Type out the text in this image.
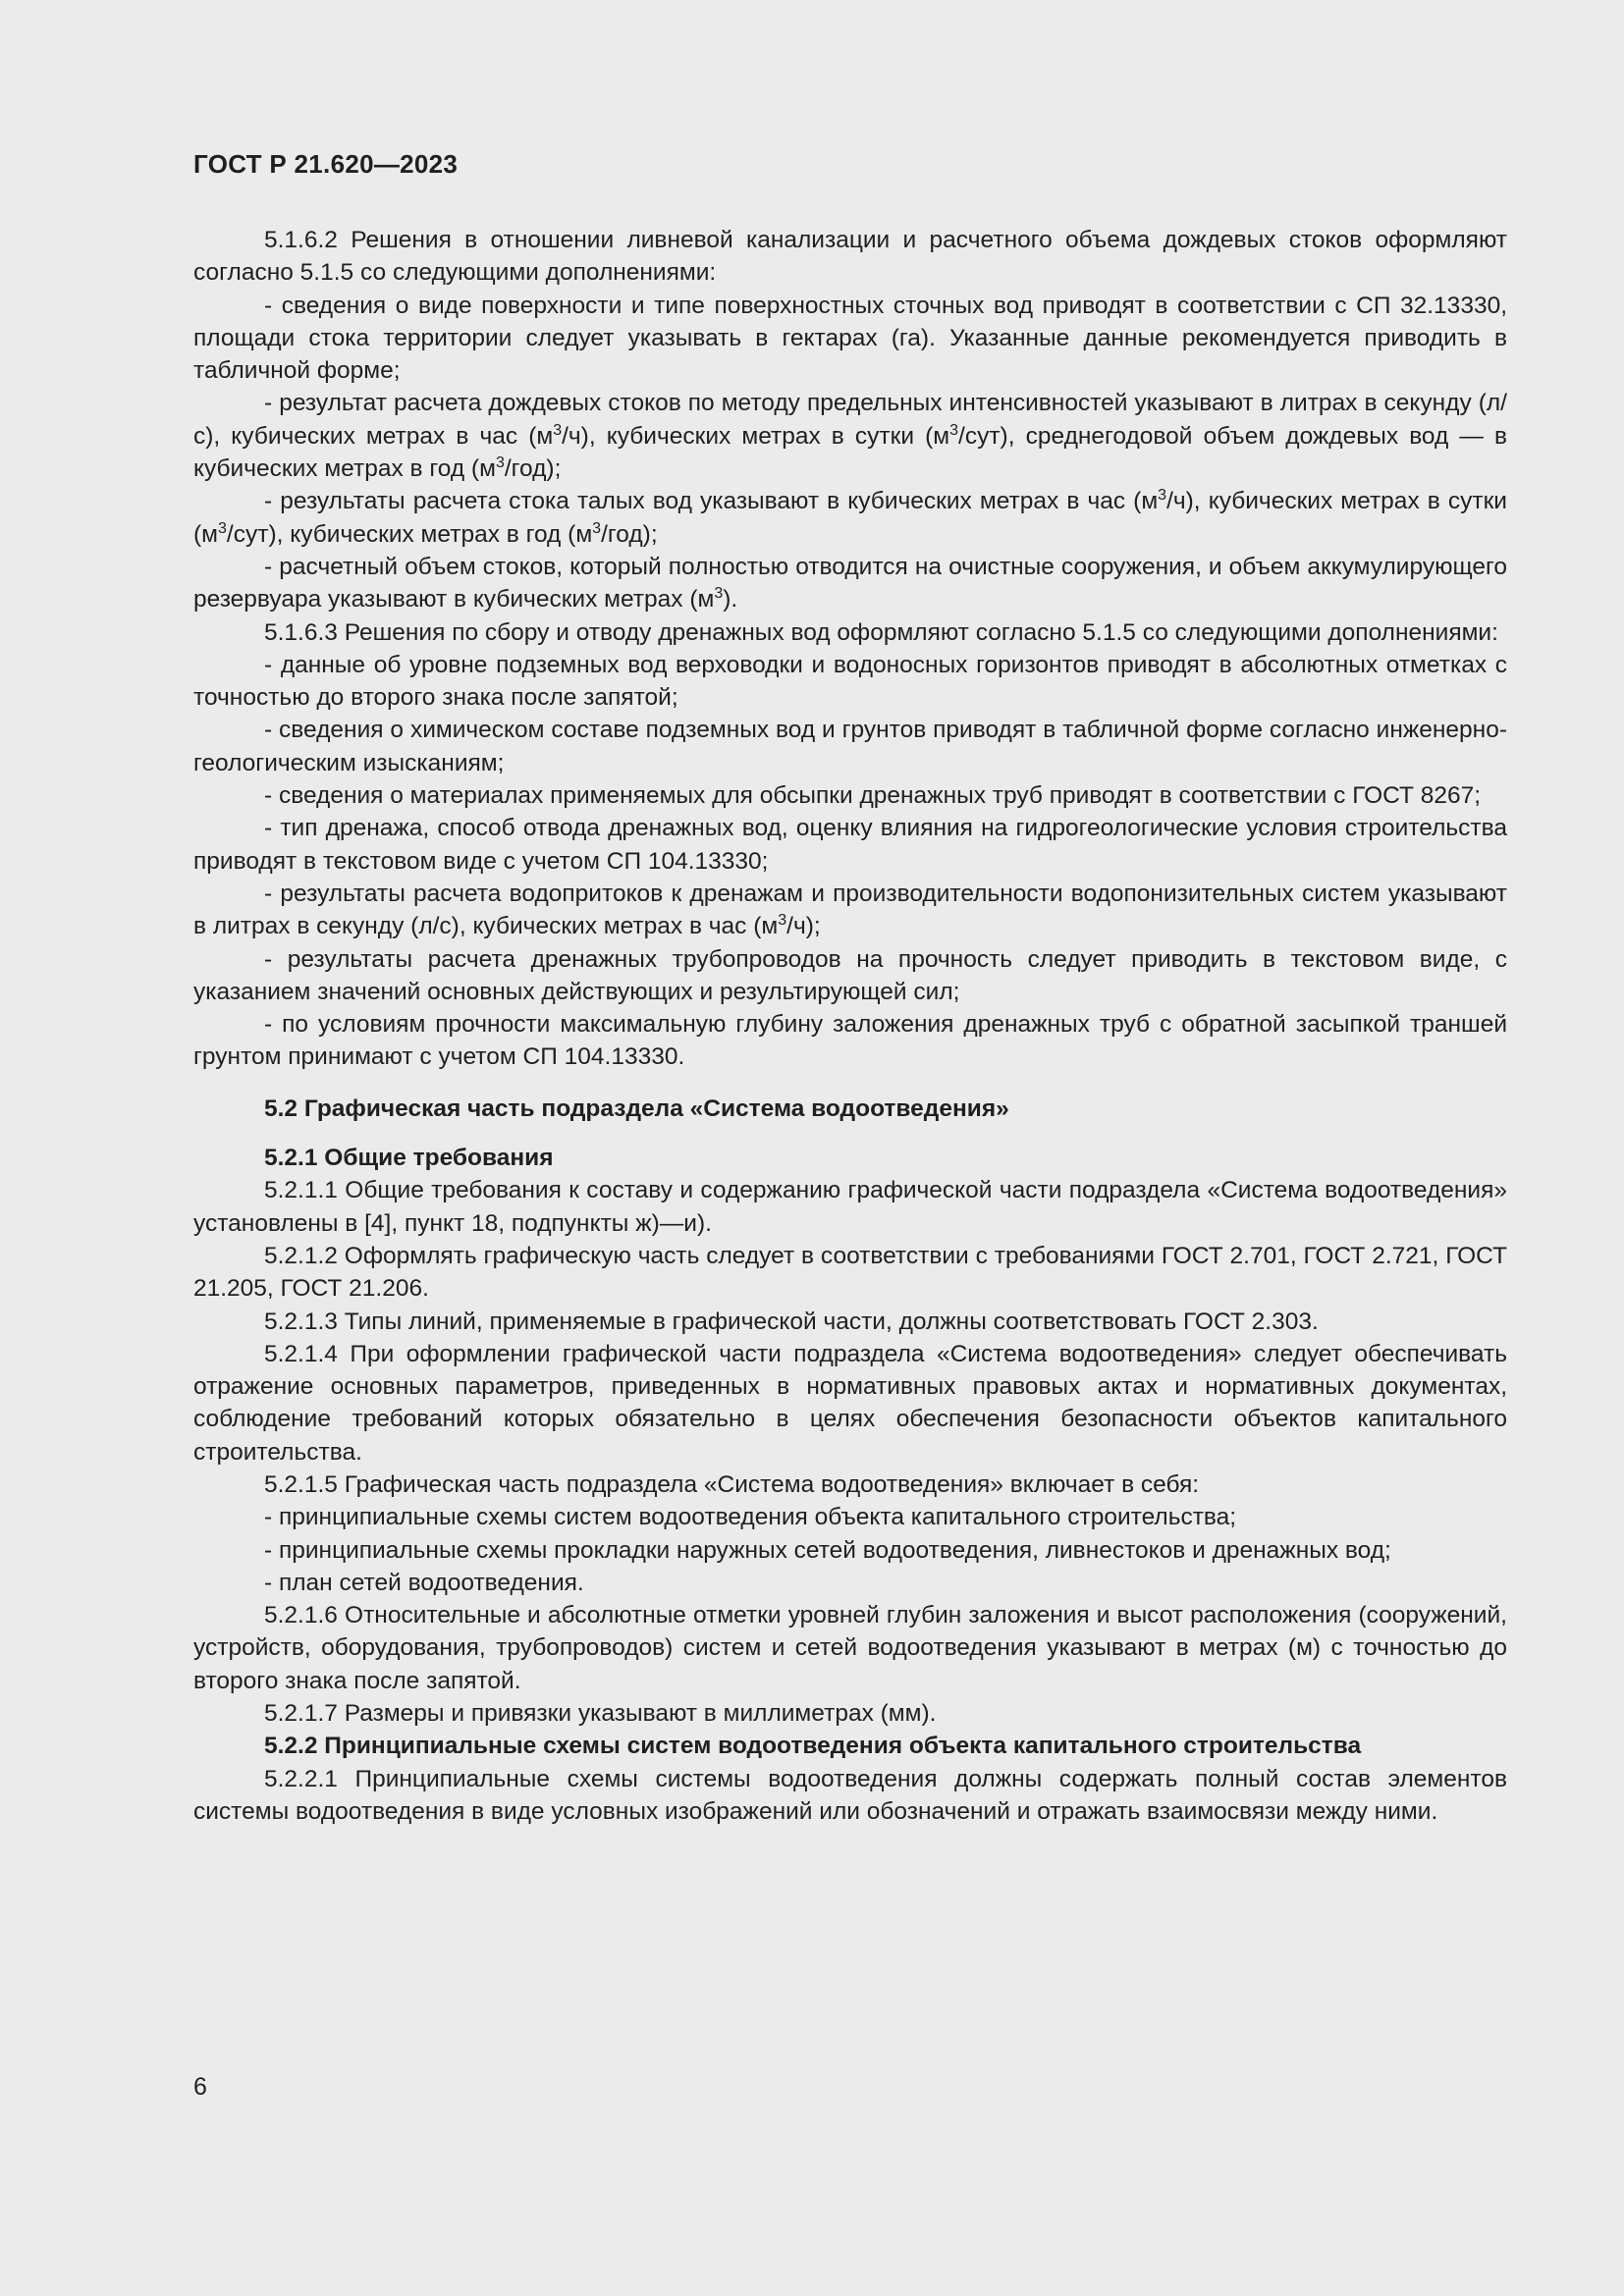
ГОСТ Р 21.620—2023

5.1.6.2 Решения в отношении ливневой канализации и расчетного объема дождевых стоков оформляют согласно 5.1.5 со следующими дополнениями:

- сведения о виде поверхности и типе поверхностных сточных вод приводят в соответствии с СП 32.13330, площади стока территории следует указывать в гектарах (га). Указанные данные рекомендуется приводить в табличной форме;

- результат расчета дождевых стоков по методу предельных интенсивностей указывают в литрах в секунду (л/с), кубических метрах в час $(м^3/ч)$, кубических метрах в сутки $(м^3/сут)$, среднегодовой объем дождевых вод — в кубических метрах в год $(м^3/год)$;

- результаты расчета стока талых вод указывают в кубических метрах в час $(м^3/ч)$, кубических метрах в сутки $(м^3/сут)$, кубических метрах в год $(м^3/год)$;

- расчетный объем стоков, который полностью отводится на очистные сооружения, и объем аккумулирующего резервуара указывают в кубических метрах $(м^3)$.

5.1.6.3 Решения по сбору и отводу дренажных вод оформляют согласно 5.1.5 со следующими дополнениями:

- данные об уровне подземных вод верховодки и водоносных горизонтов приводят в абсолютных отметках с точностью до второго знака после запятой;

- сведения о химическом составе подземных вод и грунтов приводят в табличной форме согласно инженерно-геологическим изысканиям;

- сведения о материалах применяемых для обсыпки дренажных труб приводят в соответствии с ГОСТ 8267;

- тип дренажа, способ отвода дренажных вод, оценку влияния на гидрогеологические условия строительства приводят в текстовом виде с учетом СП 104.13330;

- результаты расчета водопритоков к дренажам и производительности водопонизительных систем указывают в литрах в секунду (л/с), кубических метрах в час $(м^3/ч)$;

- результаты расчета дренажных трубопроводов на прочность следует приводить в текстовом виде, с указанием значений основных действующих и результирующей сил;

- по условиям прочности максимальную глубину заложения дренажных труб с обратной засыпкой траншей грунтом принимают с учетом СП 104.13330.

5.2 Графическая часть подраздела «Система водоотведения»

5.2.1 Общие требования

5.2.1.1 Общие требования к составу и содержанию графической части подраздела «Система водоотведения» установлены в [4], пункт 18, подпункты ж)—и).

5.2.1.2 Оформлять графическую часть следует в соответствии с требованиями ГОСТ 2.701, ГОСТ 2.721, ГОСТ 21.205, ГОСТ 21.206.

5.2.1.3 Типы линий, применяемые в графической части, должны соответствовать ГОСТ 2.303.

5.2.1.4 При оформлении графической части подраздела «Система водоотведения» следует обеспечивать отражение основных параметров, приведенных в нормативных правовых актах и нормативных документах, соблюдение требований которых обязательно в целях обеспечения безопасности объектов капитального строительства.

5.2.1.5 Графическая часть подраздела «Система водоотведения» включает в себя:

- принципиальные схемы систем водоотведения объекта капитального строительства;

- принципиальные схемы прокладки наружных сетей водоотведения, ливнестоков и дренажных вод;

- план сетей водоотведения.

5.2.1.6 Относительные и абсолютные отметки уровней глубин заложения и высот расположения (сооружений, устройств, оборудования, трубопроводов) систем и сетей водоотведения указывают в метрах (м) с точностью до второго знака после запятой.

5.2.1.7 Размеры и привязки указывают в миллиметрах (мм).

5.2.2 Принципиальные схемы систем водоотведения объекта капитального строительства

5.2.2.1 Принципиальные схемы системы водоотведения должны содержать полный состав элементов системы водоотведения в виде условных изображений или обозначений и отражать взаимосвязи между ними.

6
